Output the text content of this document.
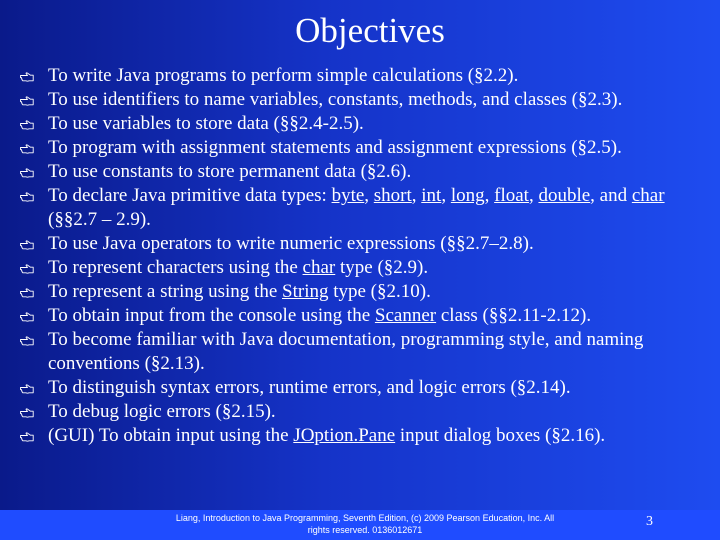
Objectives
To write Java programs to perform simple calculations (§2.2).
To use identifiers to name variables, constants, methods, and classes (§2.3).
To use variables to store data (§§2.4-2.5).
To program with assignment statements and assignment expressions (§2.5).
To use constants to store permanent data (§2.6).
To declare Java primitive data types: byte, short, int, long, float, double, and char (§§2.7 – 2.9).
To use Java operators to write numeric expressions (§§2.7–2.8).
To represent characters using the char type (§2.9).
To represent a string using the String type (§2.10).
To obtain input from the console using the Scanner class (§§2.11-2.12).
To become familiar with Java documentation, programming style, and naming conventions (§2.13).
To distinguish syntax errors, runtime errors, and logic errors (§2.14).
To debug logic errors (§2.15).
(GUI) To obtain input using the JOption.Pane input dialog boxes (§2.16).
Liang, Introduction to Java Programming, Seventh Edition, (c) 2009 Pearson Education, Inc. All
rights reserved. 0136012671
3
